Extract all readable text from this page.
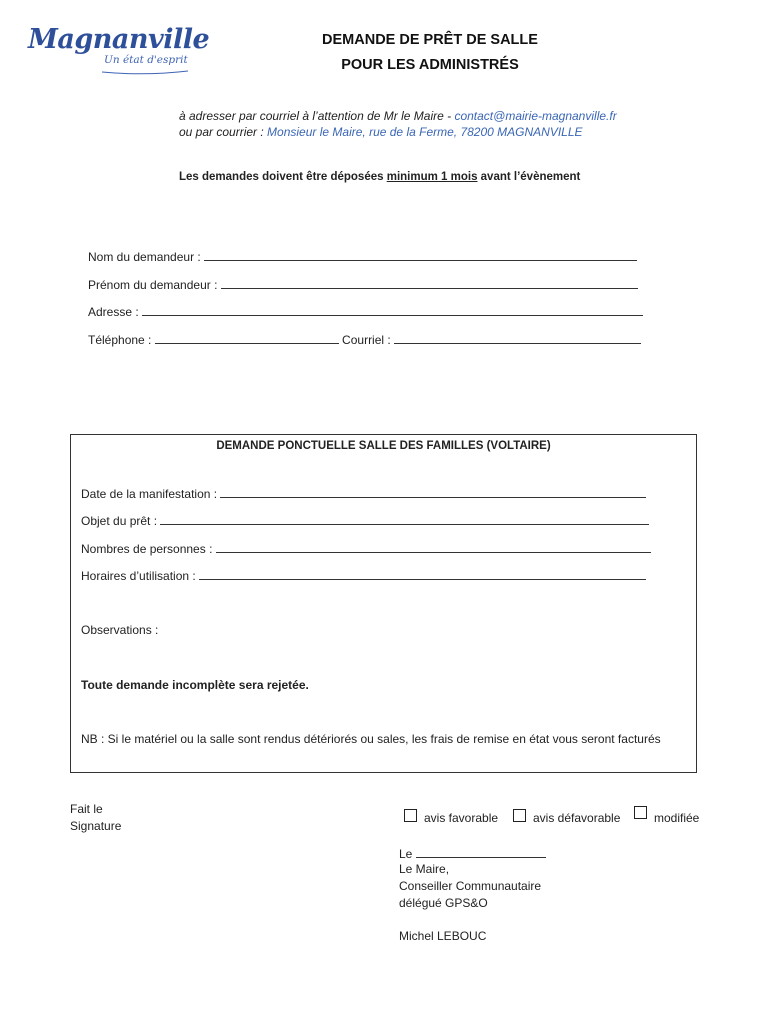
Magnanville
Un état d'esprit
DEMANDE DE PRÊT DE SALLE
POUR LES ADMINISTRÉS
à adresser par courriel à l’attention de Mr le Maire - contact@mairie-magnanville.fr
ou par courrier : Monsieur le Maire, rue de la Ferme, 78200 MAGNANVILLE
Les demandes doivent être déposées minimum 1 mois avant l’évènement
Nom du demandeur :
Prénom du demandeur :
Adresse :
Téléphone :	Courriel :
DEMANDE PONCTUELLE SALLE DES FAMILLES (VOLTAIRE)
Date de la manifestation :
Objet du prêt :
Nombres de personnes :
Horaires d’utilisation :
Observations :
Toute demande incomplète sera rejetée.
NB : Si le matériel ou la salle sont rendus détériorés ou sales, les frais de remise en état vous seront facturés
Fait le
Signature
avis favorable	avis défavorable	modifiée
Le
Le Maire,
Conseiller Communautaire
délégué GPS&O
Michel LEBOUC
